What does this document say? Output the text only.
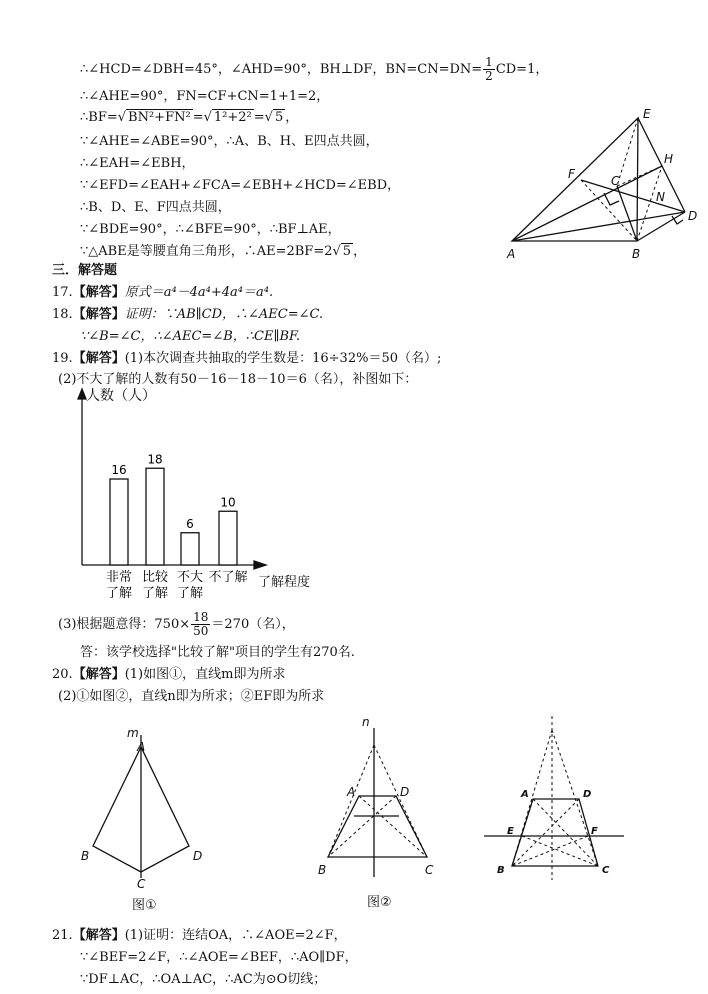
∴∠HCD=∠DBH=45°，∠AHD=90°，BH⊥DF，$BN=CN=DN= \frac{1}{2} CD=1$，
∴∠AHE=90°，FN=CF+CN=1+1=2，
∴BF=√ BN²+FN² =√ 1²+2² =√ 5 ，
∵∠AHE=∠ABE=90°，∴A、B、H、E四点共圆，
∴∠EAH=∠EBH，
∵∠EFD=∠EAH+∠FCA=∠EBH+∠HCD=∠EBD，
∴B、D、E、F四点共圆，
∵∠BDE=90°，∴∠BFE=90°，∴BF⊥AE，
∵△ABE是等腰直角三角形，∴AE=2BF=2√ 5 ，
E
H
F	C
N
D
A	B
三．解答题
17.【解答】原式＝a⁴－4a⁴+4a⁴＝a⁴.
18.【解答】证明：∵AB∥CD，∴∠AEC=∠C.
∵∠B=∠C，∴∠AEC=∠B，∴CE∥BF.
19.【解答】(1)本次调查共抽取的学生数是：16÷32%＝50（名）;
(2)不大了解的人数有50－16－18－10＝6（名），补图如下：
人数（人）
了解程度
16
非常
了解
18
比较
了解
6
不大
了解
10
不了解
(3)根据题意得：$750\times \frac{18}{50} =270$（名），
答：该学校选择"比较了解"项目的学生有270名.
20.【解答】(1)如图①，直线m即为所求
(2)①如图②，直线n即为所求；②EF即为所求
m
A
B	D
C
图①
n
A	D
B	C
图②
A	D
E	F
B	C
21.【解答】(1)证明：连结OA，∴∠AOE=2∠F，
∵∠BEF=2∠F，∴∠AOE=∠BEF，∴AO∥DF，
∵DF⊥AC，∴OA⊥AC，∴AC为⊙O切线；
